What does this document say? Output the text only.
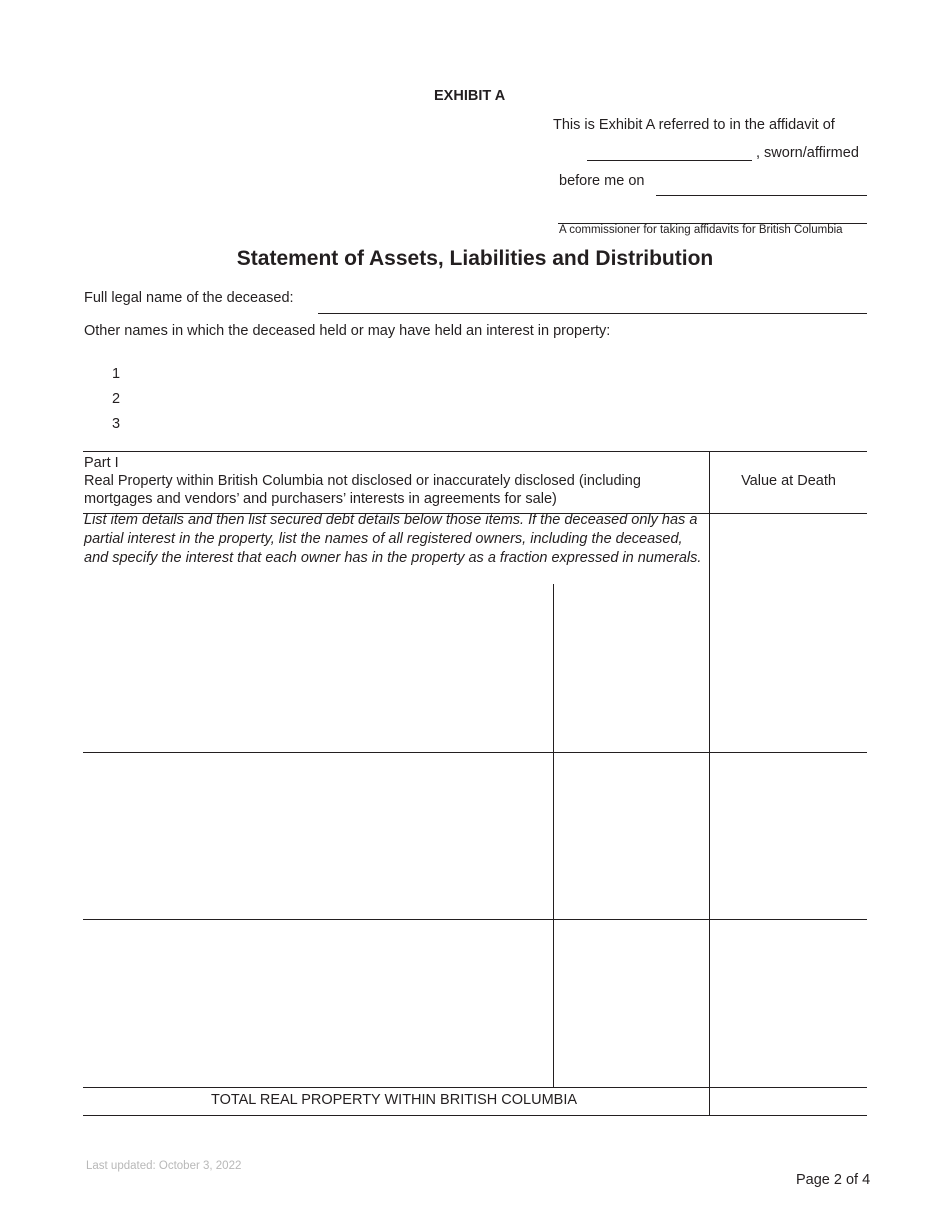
EXHIBIT A
This is Exhibit A referred to in the affidavit of
, sworn/affirmed
before me on
A commissioner for taking affidavits for British Columbia
Statement of Assets, Liabilities and Distribution
Full legal name of the deceased:
Other names in which the deceased held or may have held an interest in property:
1
2
3
Part I
Real Property within British Columbia not disclosed or inaccurately disclosed (including
mortgages and vendors’ and purchasers’ interests in agreements for sale)
Value at Death
List item details and then list secured debt details below those items. If the deceased only has a partial interest in the property, list the names of all registered owners, including the deceased, and specify the interest that each owner has in the property as a fraction expressed in numerals.
TOTAL REAL PROPERTY WITHIN BRITISH COLUMBIA
Last updated: October 3, 2022
Page 2 of 4
